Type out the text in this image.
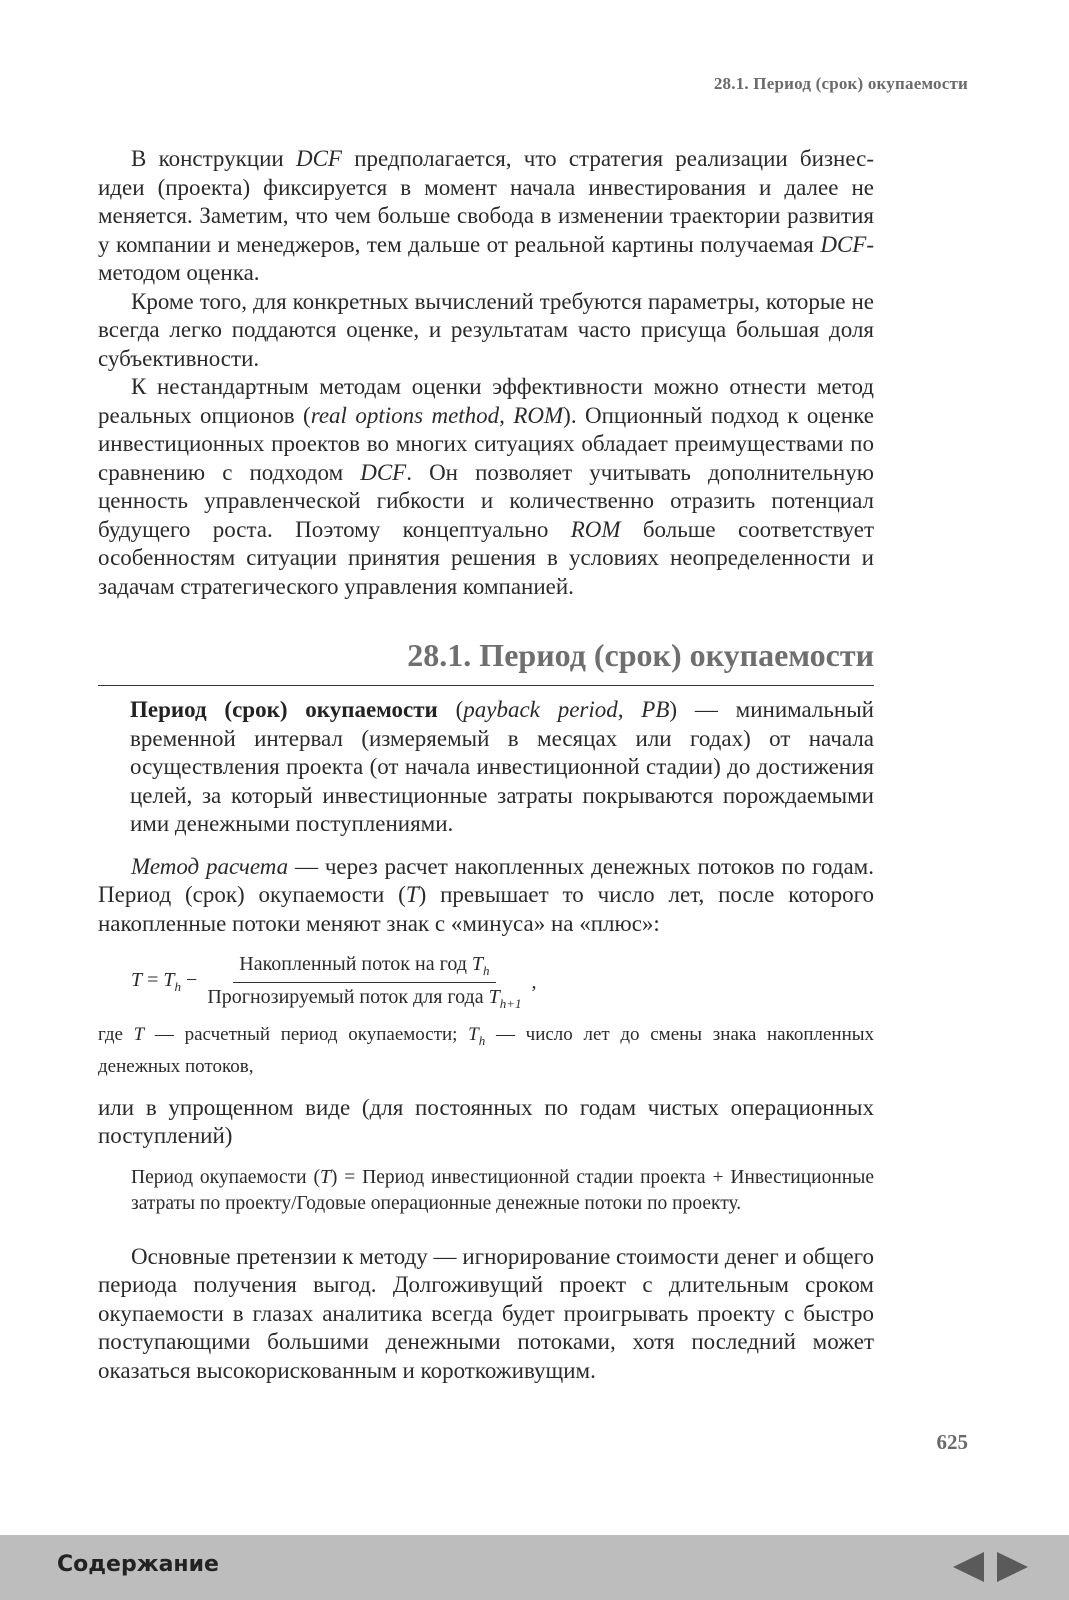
28.1. Период (срок) окупаемости

В конструкции DCF предполагается, что стратегия реализации бизнес-идеи (проекта) фиксируется в момент начала инвестирования и далее не меняется. Заметим, что чем больше свобода в изменении траектории развития у компании и менеджеров, тем дальше от реальной картины получаемая DCF-методом оценка.

Кроме того, для конкретных вычислений требуются параметры, которые не всегда легко поддаются оценке, и результатам часто присуща большая доля субъективности.

К нестандартным методам оценки эффективности можно отнести метод реальных опционов (real options method, ROM). Опционный подход к оценке инвестиционных проектов во многих ситуациях обладает преимуществами по сравнению с подходом DCF. Он позволяет учитывать дополнительную ценность управленческой гибкости и количественно отразить потенциал будущего роста. Поэтому концептуально ROM больше соответствует особенностям ситуации принятия решения в условиях неопределенности и задачам стратегического управления компанией.

28.1. Период (срок) окупаемости
Период (срок) окупаемости (payback period, PB) — минимальный временной интервал (измеряемый в месяцах или годах) от начала осуществления проекта (от начала инвестиционной стадии) до достижения целей, за который инвестиционные затраты покрываются порождаемыми ими денежными поступлениями.
Метод расчета — через расчет накопленных денежных потоков по годам. Период (срок) окупаемости (T) превышает то число лет, после которого накопленные потоки меняют знак с «минуса» на «плюс»:
$T = T_h - \frac{Накопленный поток на год T_h}{Прогнозируемый поток для года T_{h+1}}$ ,
где T — расчетный период окупаемости; $T_h$ — число лет до смены знака накопленных денежных потоков,
или в упрощенном виде (для постоянных по годам чистых операционных поступлений)
Период окупаемости (T) = Период инвестиционной стадии проекта + Инвестиционные затраты по проекту/Годовые операционные денежные потоки по проекту.

Основные претензии к методу — игнорирование стоимости денег и общего периода получения выгод. Долгоживущий проект с длительным сроком окупаемости в глазах аналитика всегда будет проигрывать проекту с быстро поступающими большими денежными потоками, хотя последний может оказаться высокорискованным и короткоживущим.

625
Содержание
